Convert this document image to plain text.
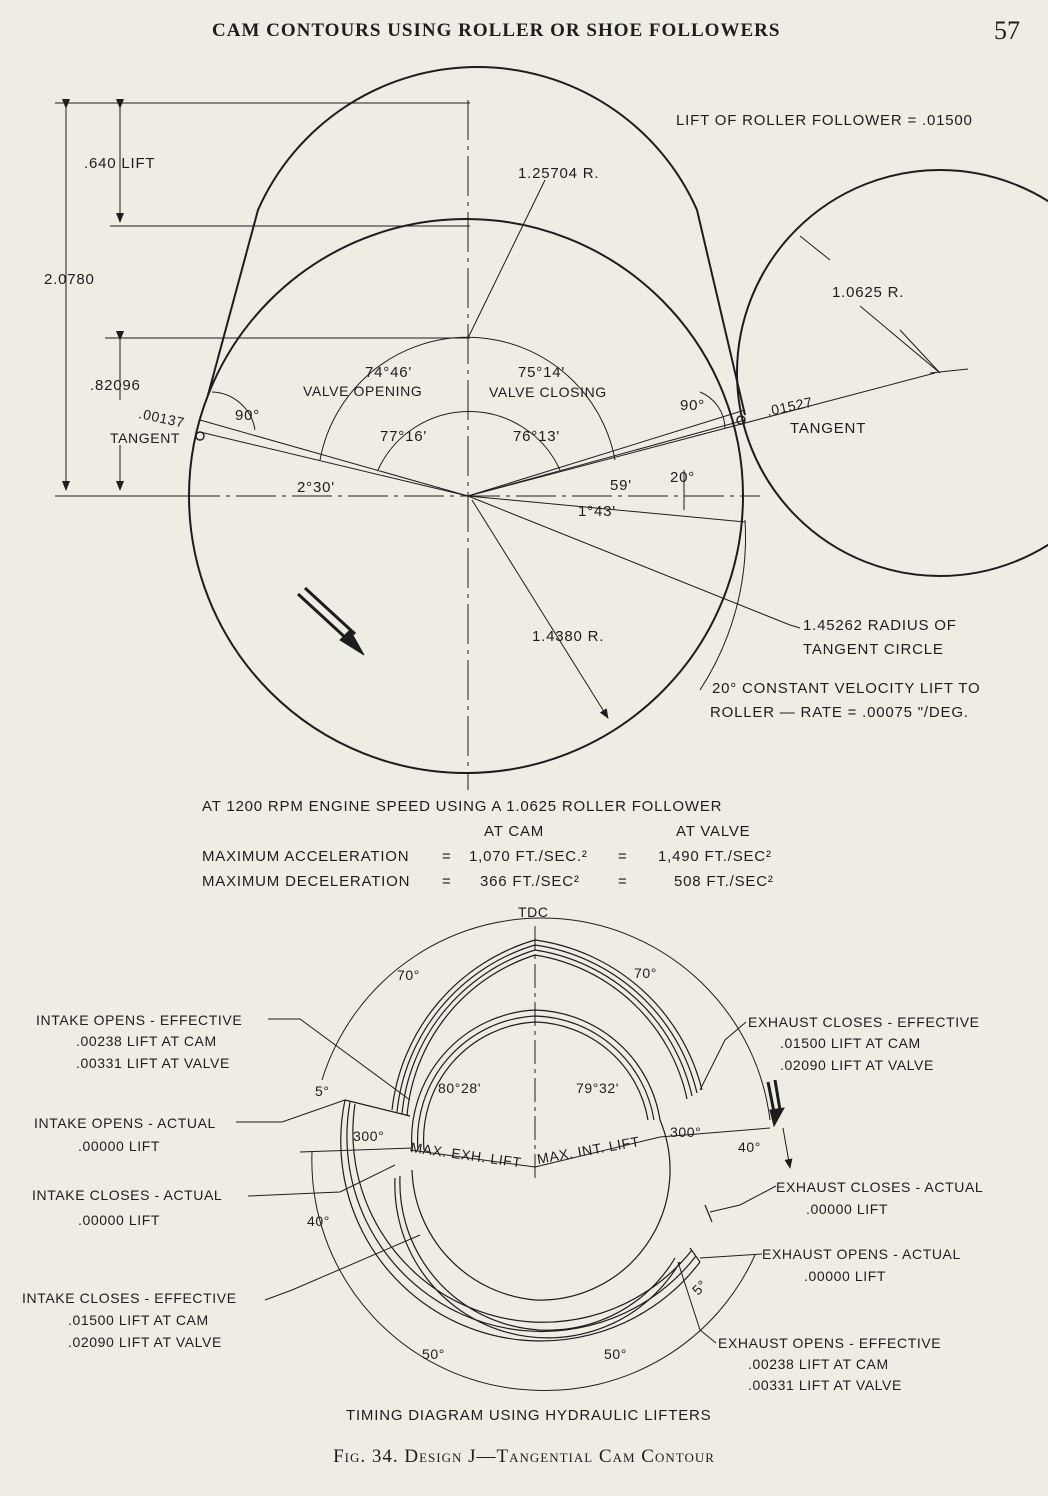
CAM CONTOURS USING ROLLER OR SHOE FOLLOWERS	57
LIFT OF ROLLER FOLLOWER = .01500
.640 LIFT
2.0780
.82096
1.25704 R.
1.0625 R.
1.4380 R.
.00137	.01527
TANGENT
TANGENT
90°
90°
74°46'
VALVE OPENING
75°14'
VALVE CLOSING
77°16'	76°13'
2°30'	59'	20°
1°43'
1.45262 RADIUS OF
TANGENT CIRCLE
20° CONSTANT VELOCITY LIFT TO
ROLLER — RATE = .00075 "/DEG.
AT 1200 RPM ENGINE SPEED USING A 1.0625 ROLLER FOLLOWER
AT CAM	AT VALVE
MAXIMUM ACCELERATION = 1,070 FT./SEC.² = 1,490 FT./SEC²
MAXIMUM DECELERATION = 366 FT./SEC²	=	508 FT./SEC²
TDC
70°	70°
80°28'	79°32'
300°	300°
5°
5°
40°
40°
50°	50°
MAX. EXH. LIFT MAX. INT. LIFT
INTAKE OPENS - EFFECTIVE
.00238 LIFT AT CAM
.00331 LIFT AT VALVE
INTAKE OPENS - ACTUAL
.00000 LIFT
INTAKE CLOSES - ACTUAL
.00000 LIFT
INTAKE CLOSES - EFFECTIVE
.01500 LIFT AT CAM
.02090 LIFT AT VALVE
EXHAUST CLOSES - EFFECTIVE
.01500 LIFT AT CAM
.02090 LIFT AT VALVE
EXHAUST CLOSES - ACTUAL
.00000 LIFT
EXHAUST OPENS - ACTUAL
.00000 LIFT
EXHAUST OPENS - EFFECTIVE
.00238 LIFT AT CAM
.00331 LIFT AT VALVE
TIMING DIAGRAM USING HYDRAULIC LIFTERS
Fig. 34. Design J—Tangential Cam Contour
